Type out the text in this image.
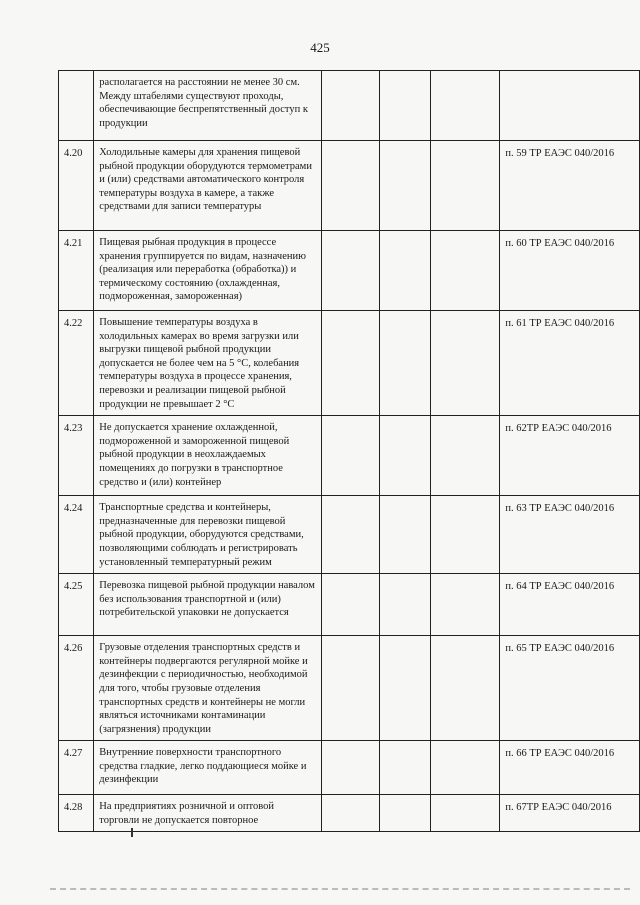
425
	располагается на расстоянии не менее 30 см. Между штабелями существуют проходы, обеспечивающие беспрепятственный доступ к продукции				
4.20	Холодильные камеры для хранения пищевой рыбной продукции оборудуются термометрами и (или) средствами автоматического контроля температуры воздуха в камере, а также средствами для записи температуры				п. 59 ТР ЕАЭС 040/2016
4.21	Пищевая рыбная продукция в процессе хранения группируется по видам, назначению (реализация или переработка (обработка)) и термическому состоянию (охлажденная, подмороженная, замороженная)				п. 60 ТР ЕАЭС 040/2016
4.22	Повышение температуры воздуха в холодильных камерах во время загрузки или выгрузки пищевой рыбной продукции допускается не более чем на 5 °С, колебания температуры воздуха в процессе хранения, перевозки и реализации пищевой рыбной продукции не превышает 2 °С				п. 61 ТР ЕАЭС 040/2016
4.23	Не допускается хранение охлажденной, подмороженной и замороженной пищевой рыбной продукции в неохлаждаемых помещениях до погрузки в транспортное средство и (или) контейнер				п. 62ТР ЕАЭС 040/2016
4.24	Транспортные средства и контейнеры, предназначенные для перевозки пищевой рыбной продукции, оборудуются средствами, позволяющими соблюдать и регистрировать установленный температурный режим				п. 63 ТР ЕАЭС 040/2016
4.25	Перевозка пищевой рыбной продукции навалом без использования транспортной и (или) потребительской упаковки не допускается				п. 64 ТР ЕАЭС 040/2016
4.26	Грузовые отделения транспортных средств и контейнеры подвергаются регулярной мойке и дезинфекции с периодичностью, необходимой для того, чтобы грузовые отделения транспортных средств и контейнеры не могли являться источниками контаминации (загрязнения) продукции				п. 65 ТР ЕАЭС 040/2016
4.27	Внутренние поверхности транспортного средства гладкие, легко поддающиеся мойке и дезинфекции				п. 66 ТР ЕАЭС 040/2016
4.28	На предприятиях розничной и оптовой торговли не допускается повторное				п. 67ТР ЕАЭС 040/2016
